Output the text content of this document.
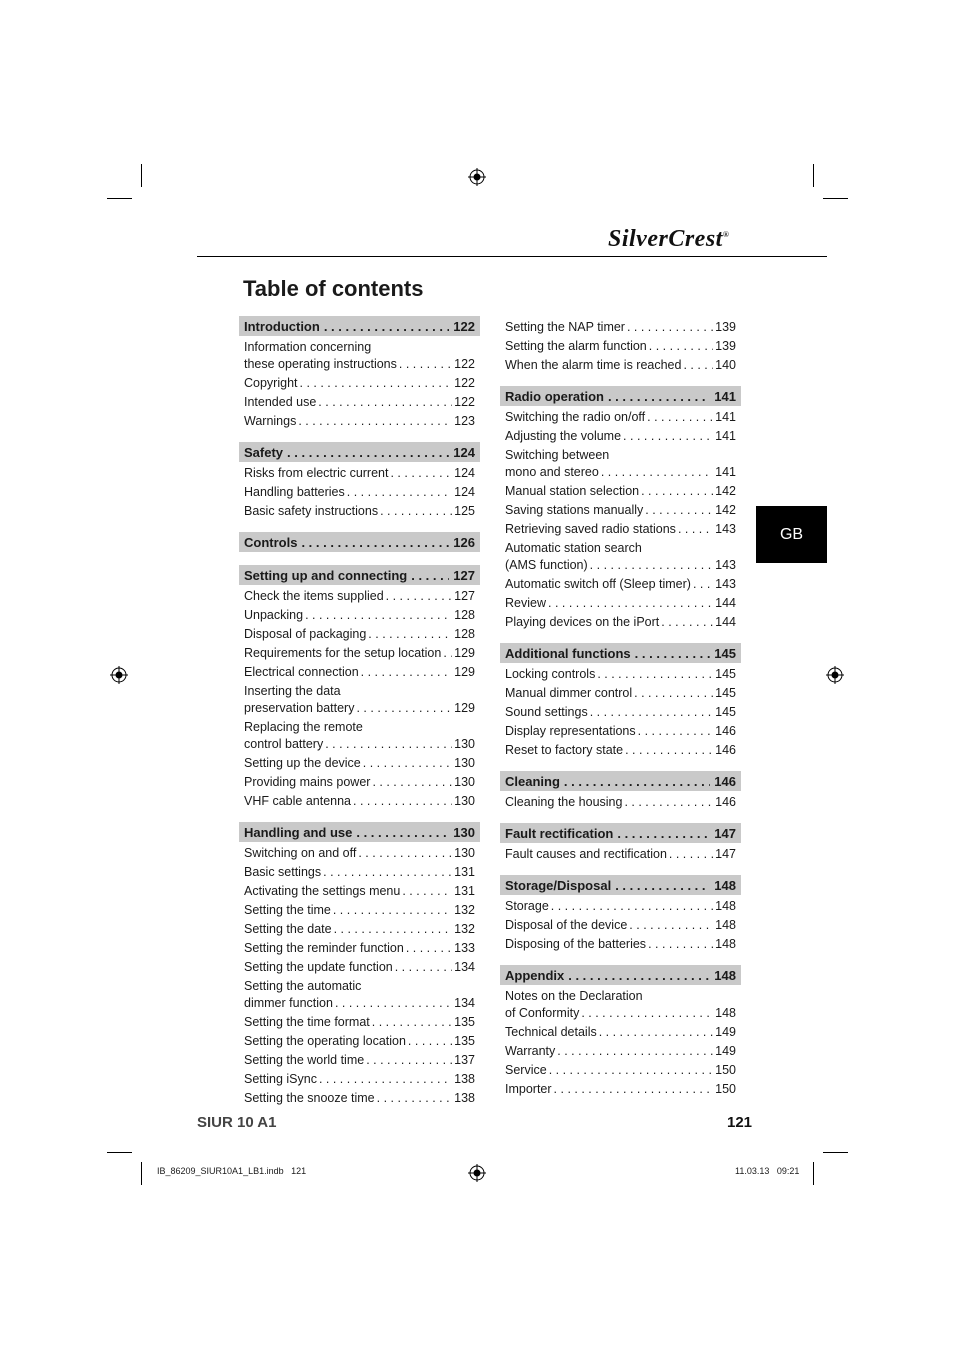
SilverCrest®
Table of contents
Introduction . . .	122
Information concerning
these operating instructions . . .	122
Copyright . . .	122
Intended use . . .	122
Warnings . . .	123
Safety . . .	124
Risks from electric current . . .	124
Handling batteries . . .	124
Basic safety instructions . . .	125
Controls . . .	126
Setting up and connecting . . .	127
Check the items supplied . . .	127
Unpacking . . .	128
Disposal of packaging . . .	128
Requirements for the setup location . . . 129
Electrical connection . . .	129
Inserting the data
preservation battery . . .	129
Replacing the remote
control battery . . .	130
Setting up the device . . .	130
Providing mains power . . .	130
VHF cable antenna . . .	130
Handling and use . . .	130
Switching on and off . . .	130
Basic settings . . .	131
Activating the settings menu . . .	131
Setting the time . . .	132
Setting the date . . .	132
Setting the reminder function . . .	133
Setting the update function . . .	134
Setting the automatic
dimmer function . . .	134
Setting the time format . . .	135
Setting the operating location . . .	135
Setting the world time . . .	137
Setting iSync . . .	138
Setting the snooze time . . .	138
Setting the NAP timer . . .	139
Setting the alarm function . . .	139
When the alarm time is reached . . .	140
Radio operation . . .	141
Switching the radio on/off . . .	141
Adjusting the volume . . .	141
Switching between
mono and stereo . . .	141
Manual station selection . . .	142
Saving stations manually . . .	142
Retrieving saved radio stations . . .	143
Automatic station search
(AMS function) . . .	143
Automatic switch off (Sleep timer) . . . 143
Review . . .	144
Playing devices on the iPort . . .	144
Additional functions . . .	145
Locking controls . . .	145
Manual dimmer control . . .	145
Sound settings . . .	145
Display representations . . .	146
Reset to factory state . . .	146
Cleaning . . .	146
Cleaning the housing . . .	146
Fault rectification . . .	147
Fault causes and rectification . . .	147
Storage/Disposal . . .	148
Storage . . .	148
Disposal of the device . . .	148
Disposing of the batteries . . .	148
Appendix . . .	148
Notes on the Declaration
of Conformity . . .	148
Technical details . . .	149
Warranty . . .	149
Service . . .	150
Importer . . .	150
GB
SIUR 10 A1	121
IB_86209_SIUR10A1_LB1.indb   121	11.03.13   09:21
